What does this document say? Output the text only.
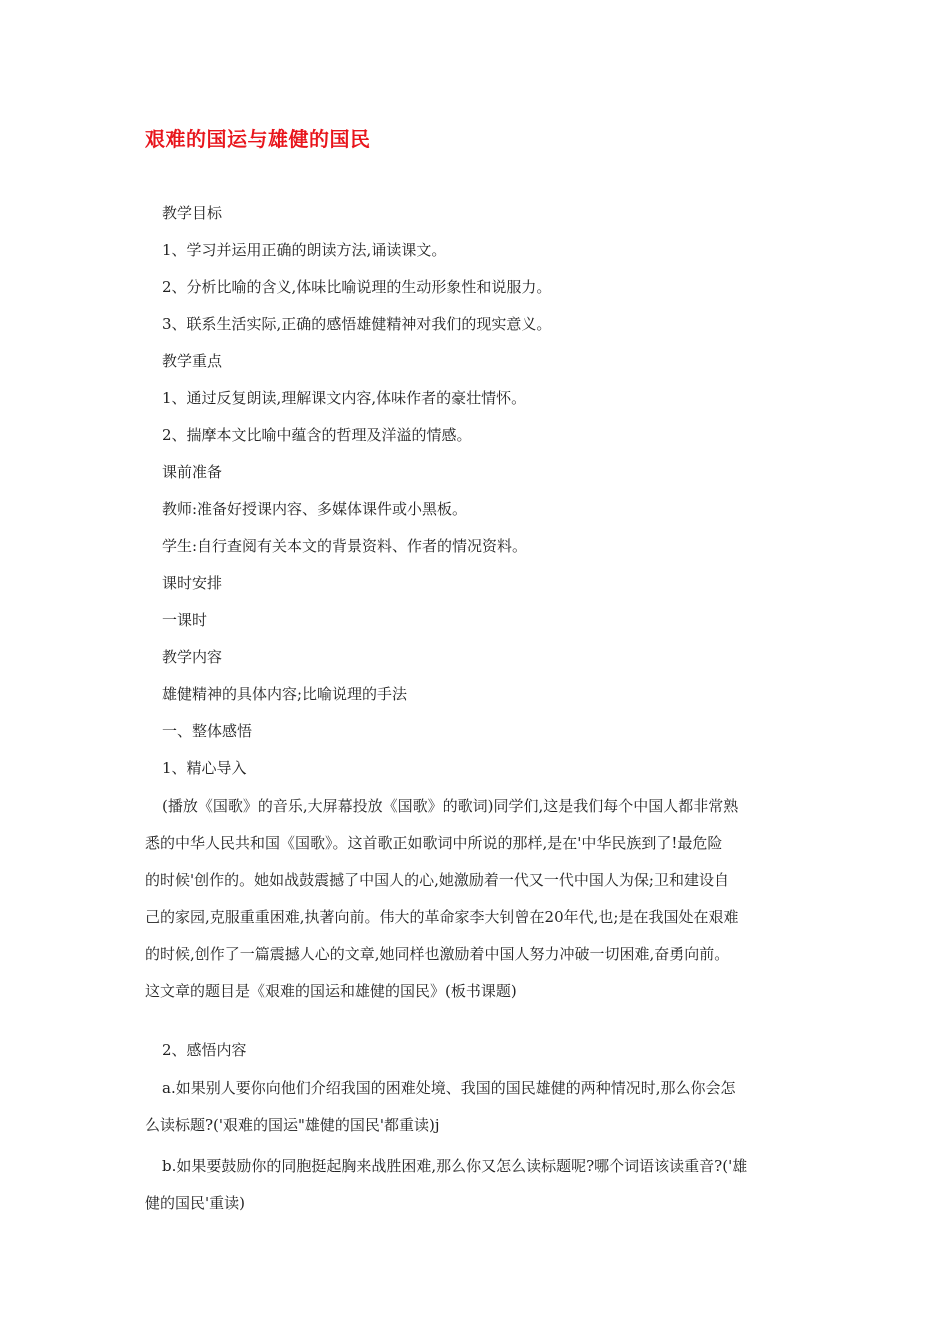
艰难的国运与雄健的国民
教学目标
1、学习并运用正确的朗读方法,诵读课文。
2、分析比喻的含义,体味比喻说理的生动形象性和说服力。
3、联系生活实际,正确的感悟雄健精神对我们的现实意义。
教学重点
1、通过反复朗读,理解课文内容,体味作者的豪壮情怀。
2、揣摩本文比喻中蕴含的哲理及洋溢的情感。
课前准备
教师:准备好授课内容、多媒体课件或小黑板。
学生:自行查阅有关本文的背景资料、作者的情况资料。
课时安排
一课时
教学内容
雄健精神的具体内容;比喻说理的手法
一、整体感悟
1、精心导入
(播放《国歌》的音乐,大屏幕投放《国歌》的歌词)同学们,这是我们每个中国人都非常熟
悉的中华人民共和国《国歌》。这首歌正如歌词中所说的那样,是在'中华民族到了!最危险
的时候'创作的。她如战鼓震撼了中国人的心,她激励着一代又一代中国人为保;卫和建设自
己的家园,克服重重困难,执著向前。伟大的革命家李大钊曾在20年代,也;是在我国处在艰难
的时候,创作了一篇震撼人心的文章,她同样也激励着中国人努力冲破一切困难,奋勇向前。
这文章的题目是《艰难的国运和雄健的国民》(板书课题)
2、感悟内容
a.如果别人要你向他们介绍我国的困难处境、我国的国民雄健的两种情况时,那么你会怎
么读标题?('艰难的国运"雄健的国民'都重读)j
b.如果要鼓励你的同胞挺起胸来战胜困难,那么你又怎么读标题呢?哪个词语该读重音?('雄
健的国民'重读)
